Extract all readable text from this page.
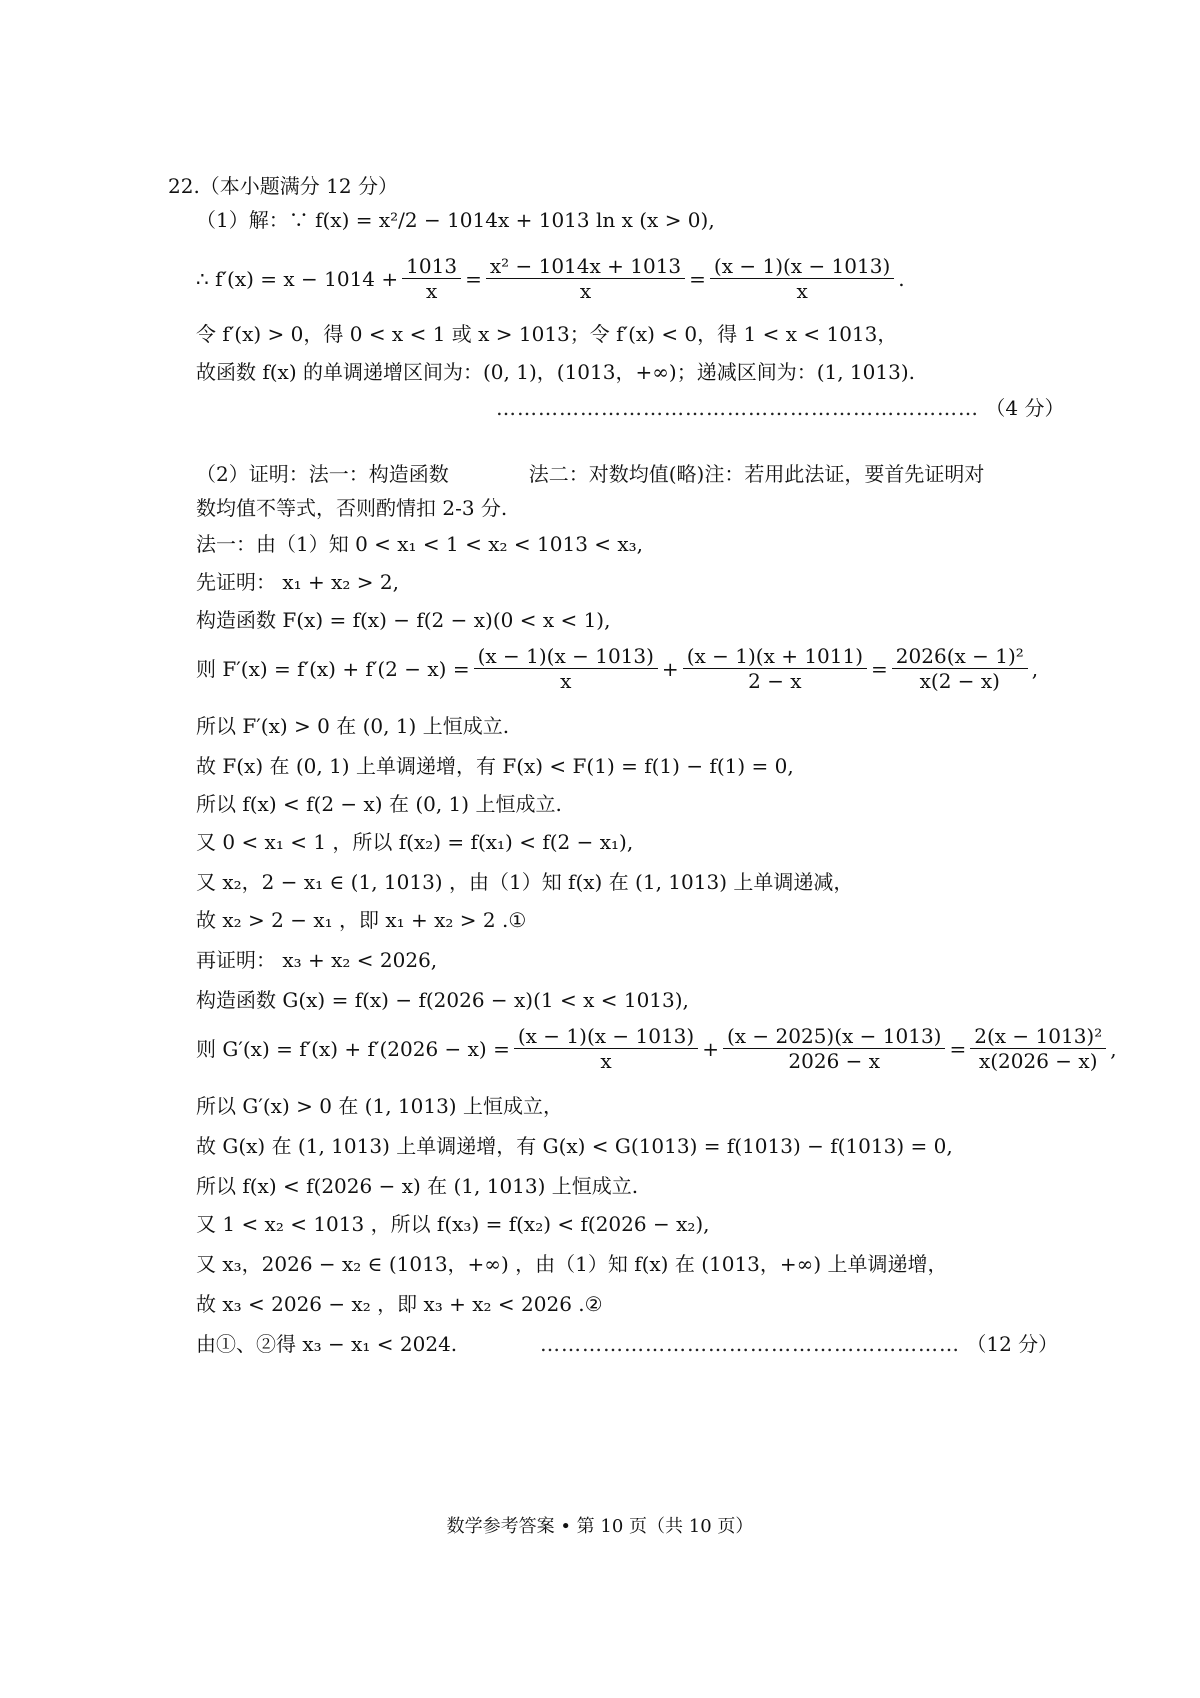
22.（本小题满分 12 分）
（1）解：∵ f(x) = x²/2 − 1014x + 1013 ln x (x > 0),
∴ $f'(x) = x - 1014 + \frac{1013}{x} = \frac{\text{x² − 1014x + 1013}}{x} = \frac{(x - 1)(x - 1013)}{x}$ .
令 f′(x) > 0，得 0 < x < 1 或 x > 1013；令 f′(x) < 0，得 1 < x < 1013，
故函数 f(x) 的单调递增区间为：(0, 1)，(1013，+∞)；递减区间为：(1, 1013).
…………………………………………………………… （4 分）
（2）证明：法一：构造函数　　　　法二：对数均值(略)注：若用此法证，要首先证明对
数均值不等式，否则酌情扣 2-3 分.
法一：由（1）知 0 < x₁ < 1 < x₂ < 1013 < x₃,
先证明： x₁ + x₂ > 2,
构造函数 F(x) = f(x) − f(2 − x)(0 < x < 1),
则 $F'(x) = f'(x) + f'(2 - x) = \frac{(x - 1)(x - 1013)}{x} + \frac{(x - 1)(x + 1011)}{2 - x} = \frac{\text{2026(x − 1)²}}{x(2 - x)}$ ,
所以 F′(x) > 0 在 (0, 1) 上恒成立.
故 F(x) 在 (0, 1) 上单调递增，有 F(x) < F(1) = f(1) − f(1) = 0,
所以 f(x) < f(2 − x) 在 (0, 1) 上恒成立.
又 0 < x₁ < 1 ，所以 f(x₂) = f(x₁) < f(2 − x₁),
又 x₂，2 − x₁ ∈ (1, 1013) ，由（1）知 f(x) 在 (1, 1013) 上单调递减，
故 x₂ > 2 − x₁ ，即 x₁ + x₂ > 2 .①
再证明： x₃ + x₂ < 2026,
构造函数 G(x) = f(x) − f(2026 − x)(1 < x < 1013),
则 $G'(x) = f'(x) + f'(2026 - x) = \frac{(x - 1)(x - 1013)}{x} + \frac{(x - 2025)(x - 1013)}{2026 - x} = \frac{\text{2(x − 1013)²}}{x(2026 - x)}$ ,
所以 G′(x) > 0 在 (1, 1013) 上恒成立，
故 G(x) 在 (1, 1013) 上单调递增，有 G(x) < G(1013) = f(1013) − f(1013) = 0,
所以 f(x) < f(2026 − x) 在 (1, 1013) 上恒成立.
又 1 < x₂ < 1013 ，所以 f(x₃) = f(x₂) < f(2026 − x₂),
又 x₃，2026 − x₂ ∈ (1013，+∞) ，由（1）知 f(x) 在 (1013，+∞) 上单调递增，
故 x₃ < 2026 − x₂ ，即 x₃ + x₂ < 2026 .②
由①、②得 x₃ − x₁ < 2024.	…………………………………………………… （12 分）
数学参考答案 • 第 10 页（共 10 页）
